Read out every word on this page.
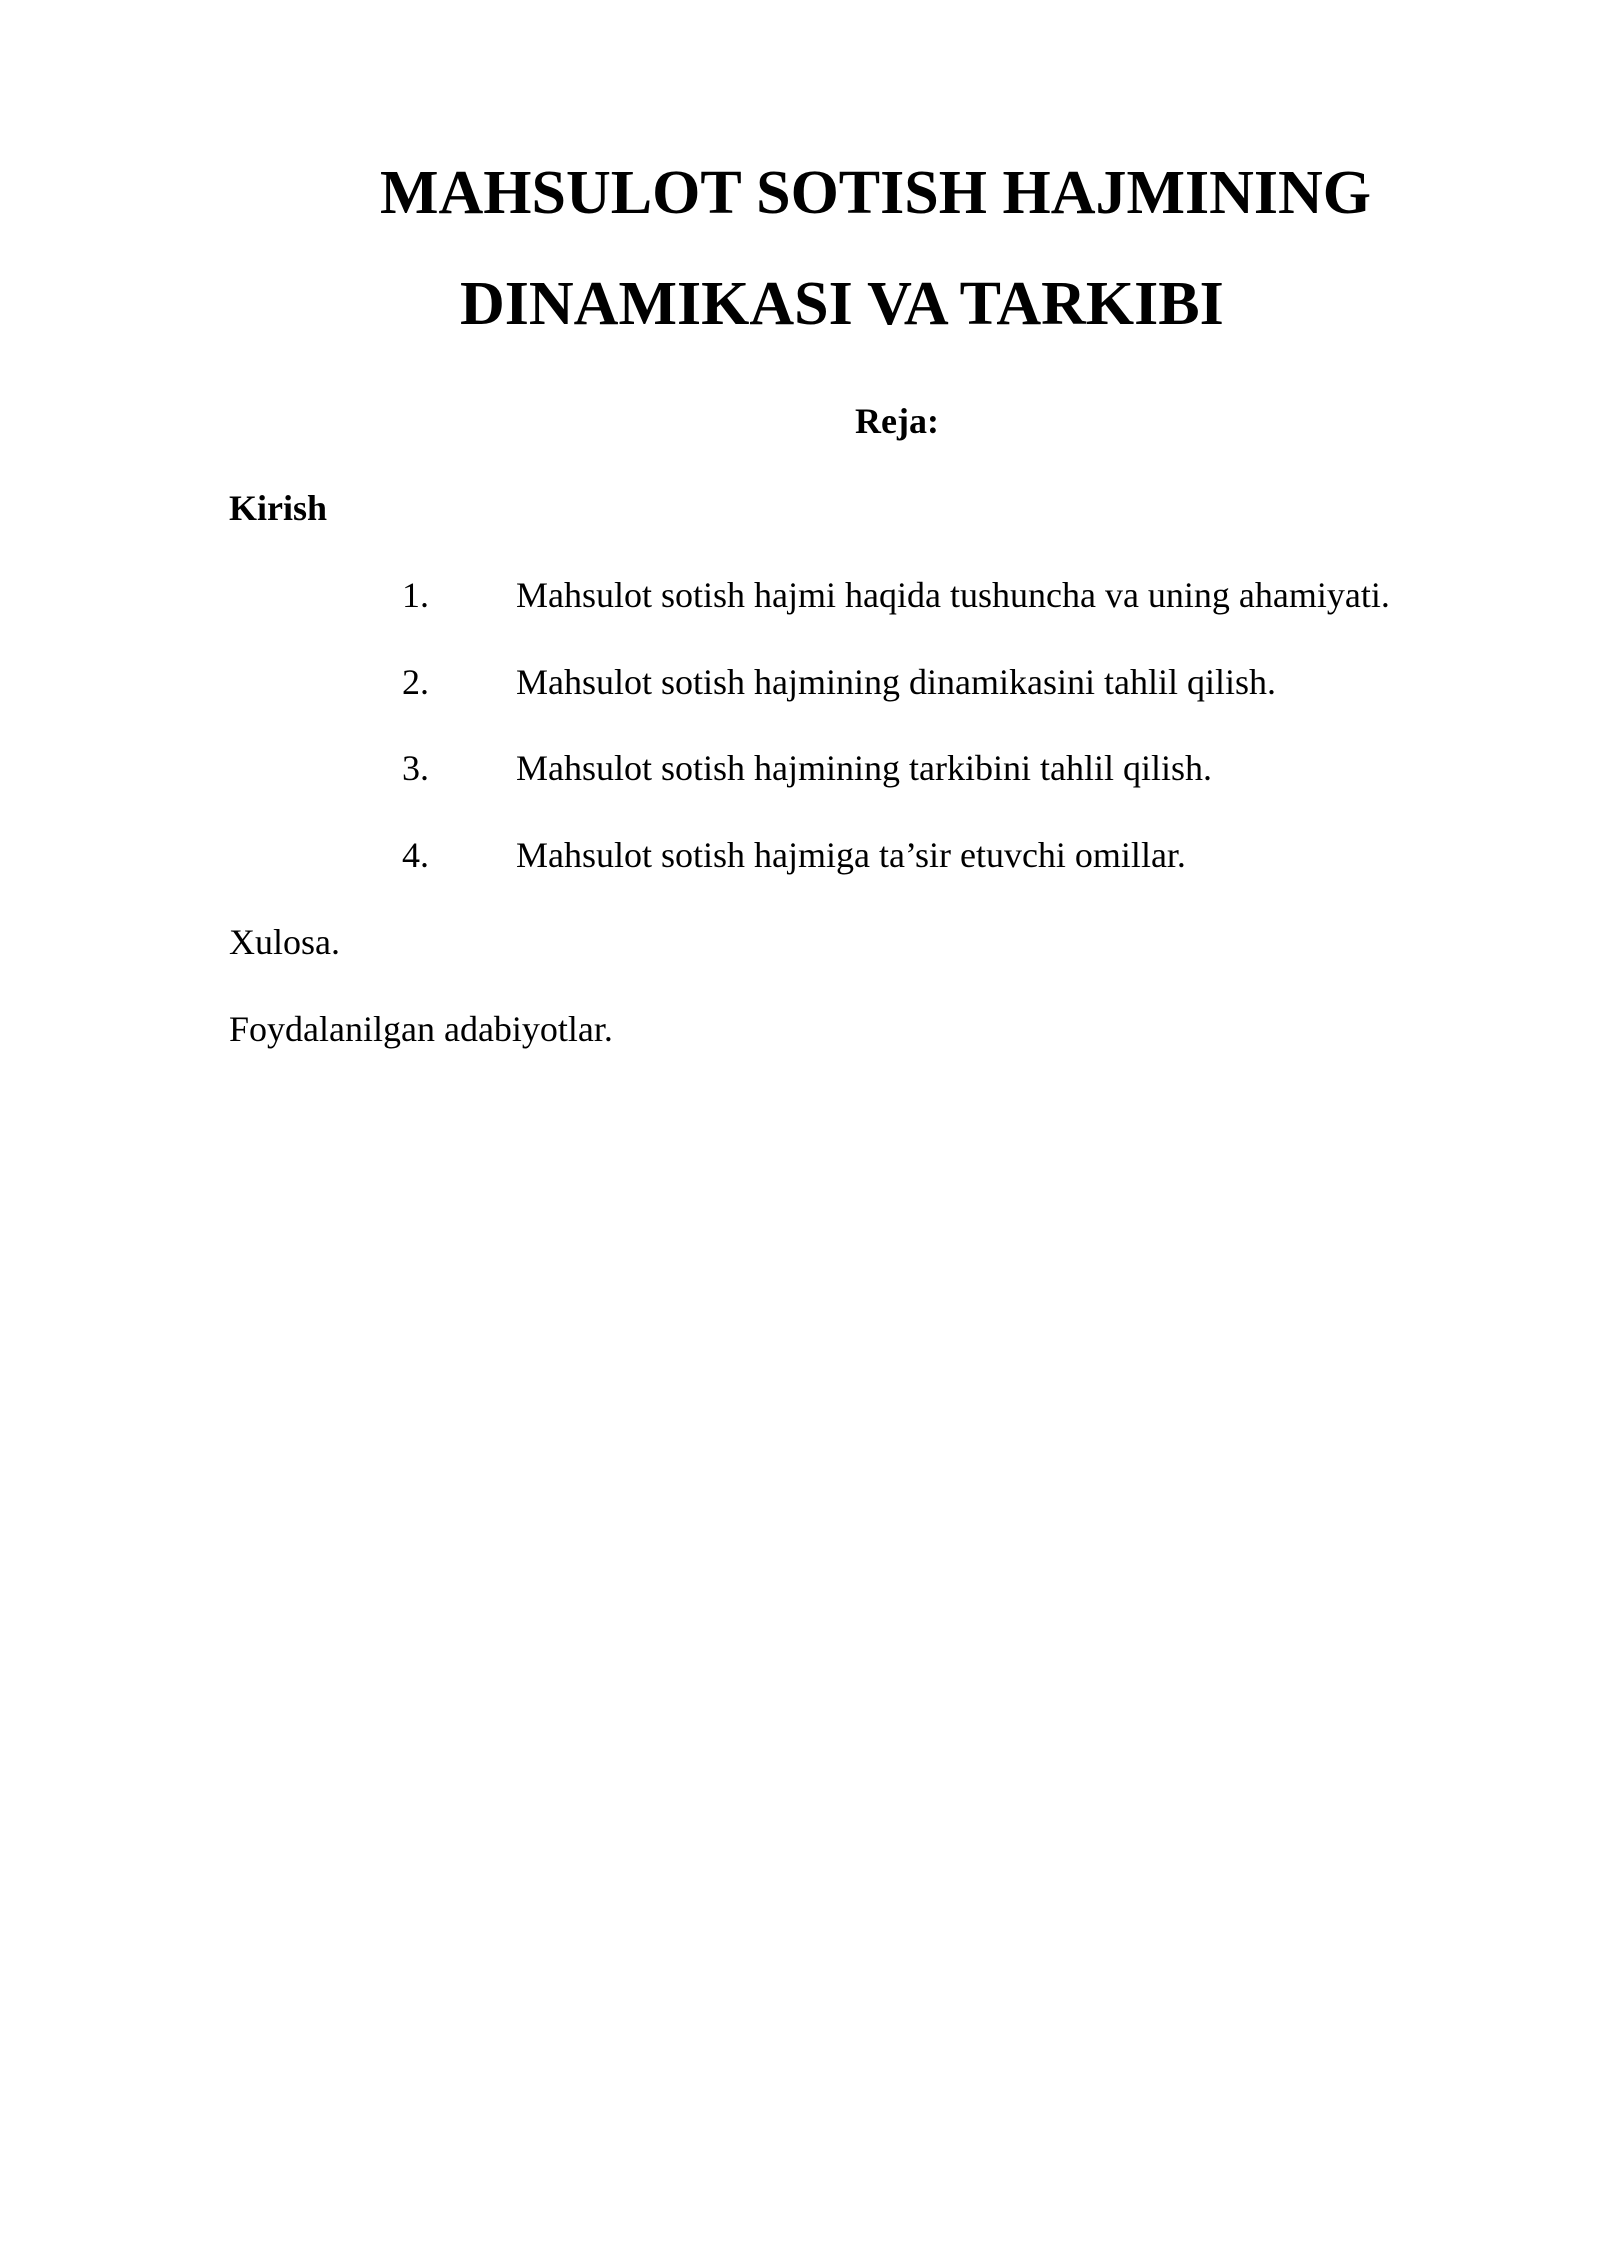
MAHSULOT SOTISH HAJMINING
DINAMIKASI VA TARKIBI
Reja:
Kirish
1. Mahsulot sotish hajmi haqida tushuncha va uning ahamiyati.
2. Mahsulot sotish hajmining dinamikasini tahlil qilish.
3. Mahsulot sotish hajmining tarkibini tahlil qilish.
4. Mahsulot sotish hajmiga ta’sir etuvchi omillar.
Xulosa.
Foydalanilgan adabiyotlar.
